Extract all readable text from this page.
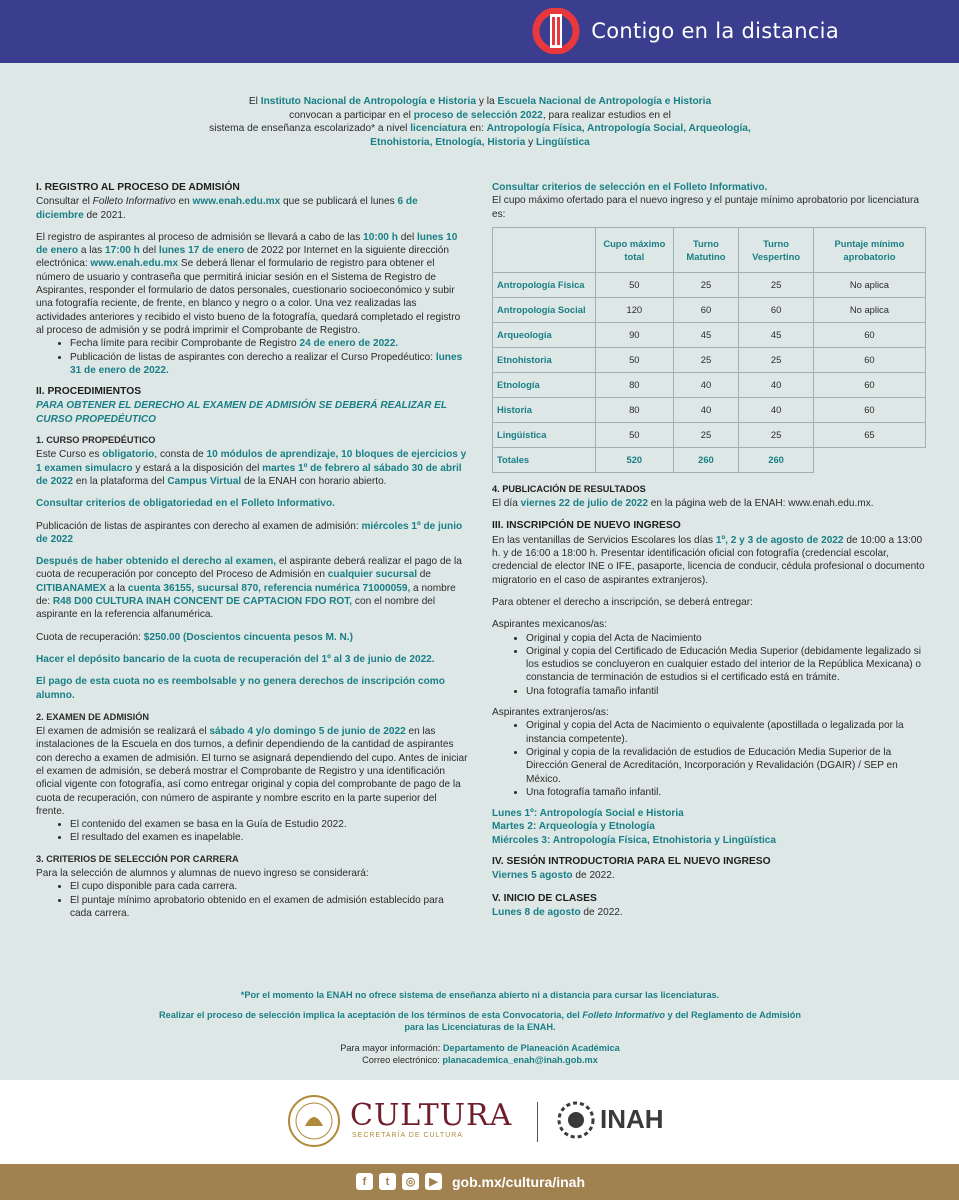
Contigo en la distancia
El Instituto Nacional de Antropología e Historia y la Escuela Nacional de Antropología e Historia
convocan a participar en el proceso de selección 2022, para realizar estudios en el
sistema de enseñanza escolarizado* a nivel licenciatura en: Antropología Física, Antropología Social, Arqueología,
Etnohistoria, Etnología, Historia y Lingüística
I. REGISTRO AL PROCESO DE ADMISIÓN

Consultar el Folleto Informativo en www.enah.edu.mx que se publicará el lunes 6 de diciembre de 2021.

El registro de aspirantes al proceso de admisión se llevará a cabo de las 10:00 h del lunes 10 de enero a las 17:00 h del lunes 17 de enero de 2022 por Internet en la siguiente dirección electrónica: www.enah.edu.mx Se deberá llenar el formulario de registro para obtener el número de usuario y contraseña que permitirá iniciar sesión en el Sistema de Registro de Aspirantes, responder el formulario de datos personales, cuestionario socioeconómico y subir una fotografía reciente, de frente, en blanco y negro o a color. Una vez realizadas las actividades anteriores y recibido el visto bueno de la fotografía, quedará completado el registro al proceso de admisión y se podrá imprimir el Comprobante de Registro.

• Fecha límite para recibir Comprobante de Registro 24 de enero de 2022.
• Publicación de listas de aspirantes con derecho a realizar el Curso Propedéutico: lunes 31 de enero de 2022.
II. PROCEDIMIENTOS
PARA OBTENER EL DERECHO AL EXAMEN DE ADMISIÓN SE DEBERÁ REALIZAR EL CURSO PROPEDÉUTICO
1. CURSO PROPEDÉUTICO

Este Curso es obligatorio, consta de 10 módulos de aprendizaje, 10 bloques de ejercicios y 1 examen simulacro y estará a la disposición del martes 1º de febrero al sábado 30 de abril de 2022 en la plataforma del Campus Virtual de la ENAH con horario abierto.

Consultar criterios de obligatoriedad en el Folleto Informativo.

Publicación de listas de aspirantes con derecho al examen de admisión: miércoles 1º de junio de 2022

Después de haber obtenido el derecho al examen, el aspirante deberá realizar el pago de la cuota de recuperación por concepto del Proceso de Admisión en cualquier sucursal de CITIBANAMEX a la cuenta 36155, sucursal 870, referencia numérica 71000059, a nombre de: R48 D00 CULTURA INAH CONCENT DE CAPTACION FDO ROT, con el nombre del aspirante en la referencia alfanumérica.

Cuota de recuperación: $250.00 (Doscientos cincuenta pesos M. N.)

Hacer el depósito bancario de la cuota de recuperación del 1º al 3 de junio de 2022.

El pago de esta cuota no es reembolsable y no genera derechos de inscripción como alumno.

2. EXAMEN DE ADMISIÓN

El examen de admisión se realizará el sábado 4 y/o domingo 5 de junio de 2022 en las instalaciones de la Escuela en dos turnos, a definir dependiendo de la cantidad de aspirantes con derecho a examen de admisión. El turno se asignará dependiendo del cupo. Antes de iniciar el examen de admisión, se deberá mostrar el Comprobante de Registro y una identificación oficial vigente con fotografía, así como entregar original y copia del comprobante de pago de la cuota de recuperación, con número de aspirante y nombre escrito en la parte superior del frente.

• El contenido del examen se basa en la Guía de Estudio 2022.
• El resultado del examen es inapelable.
3. CRITERIOS DE SELECCIÓN POR CARRERA

Para la selección de alumnos y alumnas de nuevo ingreso se considerará:

• El cupo disponible para cada carrera.
• El puntaje mínimo aprobatorio obtenido en el examen de admisión establecido para cada carrera.
Consultar criterios de selección en el Folleto Informativo.
El cupo máximo ofertado para el nuevo ingreso y el puntaje mínimo aprobatorio por licenciatura es:
	Cupo máximo total	Turno Matutino	Turno Vespertino	Puntaje mínimo aprobatorio
Antropología Física	50	25	25	No aplica
Antropología Social	120	60	60	No aplica
Arqueología	90	45	45	60
Etnohistoria	50	25	25	60
Etnología	80	40	40	60
Historia	80	40	40	60
Lingüística	50	25	25	65
Totales	520	260	260	
4. PUBLICACIÓN DE RESULTADOS

El día viernes 22 de julio de 2022 en la página web de la ENAH: www.enah.edu.mx.

III. INSCRIPCIÓN DE NUEVO INGRESO

En las ventanillas de Servicios Escolares los días 1º, 2 y 3 de agosto de 2022 de 10:00 a 13:00 h. y de 16:00 a 18:00 h. Presentar identificación oficial con fotografía (credencial escolar, credencial de elector INE o IFE, pasaporte, licencia de conducir, cédula profesional o documento migratorio en el caso de aspirantes extranjeros).

Para obtener el derecho a inscripción, se deberá entregar:

Aspirantes mexicanos/as:
• Original y copia del Acta de Nacimiento
• Original y copia del Certificado de Educación Media Superior (debidamente legalizado si los estudios se concluyeron en cualquier estado del interior de la República Mexicana) o constancia de terminación de estudios si el certificado está en trámite.
• Una fotografía tamaño infantil
Aspirantes extranjeros/as:
• Original y copia del Acta de Nacimiento o equivalente (apostillada o legalizada por la instancia competente).
• Original y copia de la revalidación de estudios de Educación Media Superior de la Dirección General de Acreditación, Incorporación y Revalidación (DGAIR) / SEP en México.
• Una fotografía tamaño infantil.
Lunes 1º: Antropología Social e Historia
Martes 2: Arqueología y Etnología
Miércoles 3: Antropología Física, Etnohistoria y Lingüística
IV. SESIÓN INTRODUCTORIA PARA EL NUEVO INGRESO

Viernes 5 agosto de 2022.

V. INICIO DE CLASES

Lunes 8 de agosto de 2022.

*Por el momento la ENAH no ofrece sistema de enseñanza abierto ni a distancia para cursar las licenciaturas.

Realizar el proceso de selección implica la aceptación de los términos de esta Convocatoria, del Folleto Informativo y del Reglamento de Admisión para las Licenciaturas de la ENAH.

Para mayor información: Departamento de Planeación Académica
Correo electrónico: planacademica_enah@inah.gob.mx
CULTURA
SECRETARÍA DE CULTURA
INAH
f	t	◎	▶	gob.mx/cultura/inah
